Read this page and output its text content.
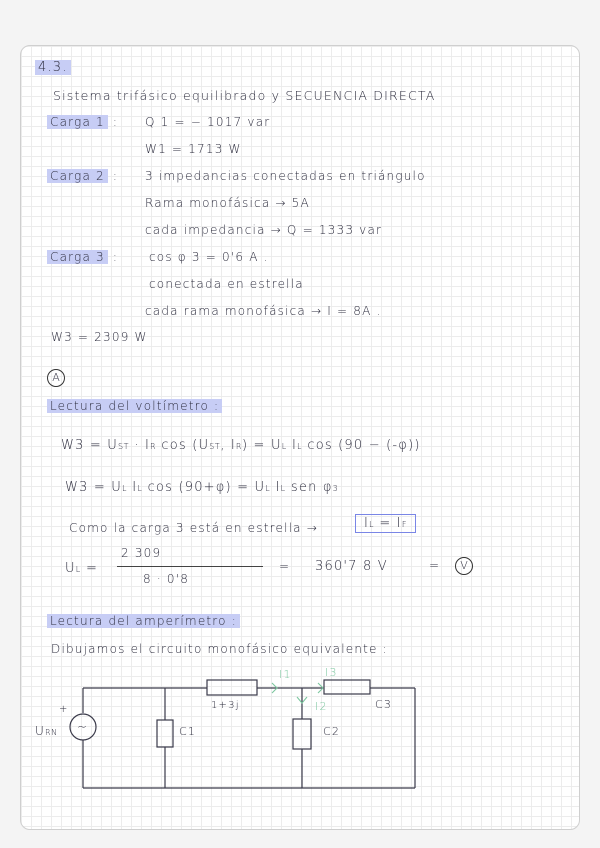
4.3.
Sistema trifásico equilibrado y SECUENCIA DIRECTA
Carga 1 : Q 1 = − 1017 var
W1 = 1713 W
Carga 2 : 3 impedancias conectadas en triángulo
Rama monofásica → 5A
cada impedancia → Q = 1333 var
Carga 3 :	cos φ 3 = 0'6 A .
conectada en estrella
cada rama monofásica → I = 8A .
W3 = 2309 W
A
Lectura del voltímetro :
W3 = UST · IR cos (UST, IR) = UL IL cos (90 − (-φ))
W3 = UL IL cos (90+φ) = UL IL sen φ3
Como la carga 3 está en estrella →	IL = IF
UL =
2 309
8 · 0'8
= 360'7 8 V	=	V
Lectura del amperímetro :
Dibujamos el circuito monofásico equivalente :
~
+
URN	C1
1+3j
C2
C3
I1	I3
I2
